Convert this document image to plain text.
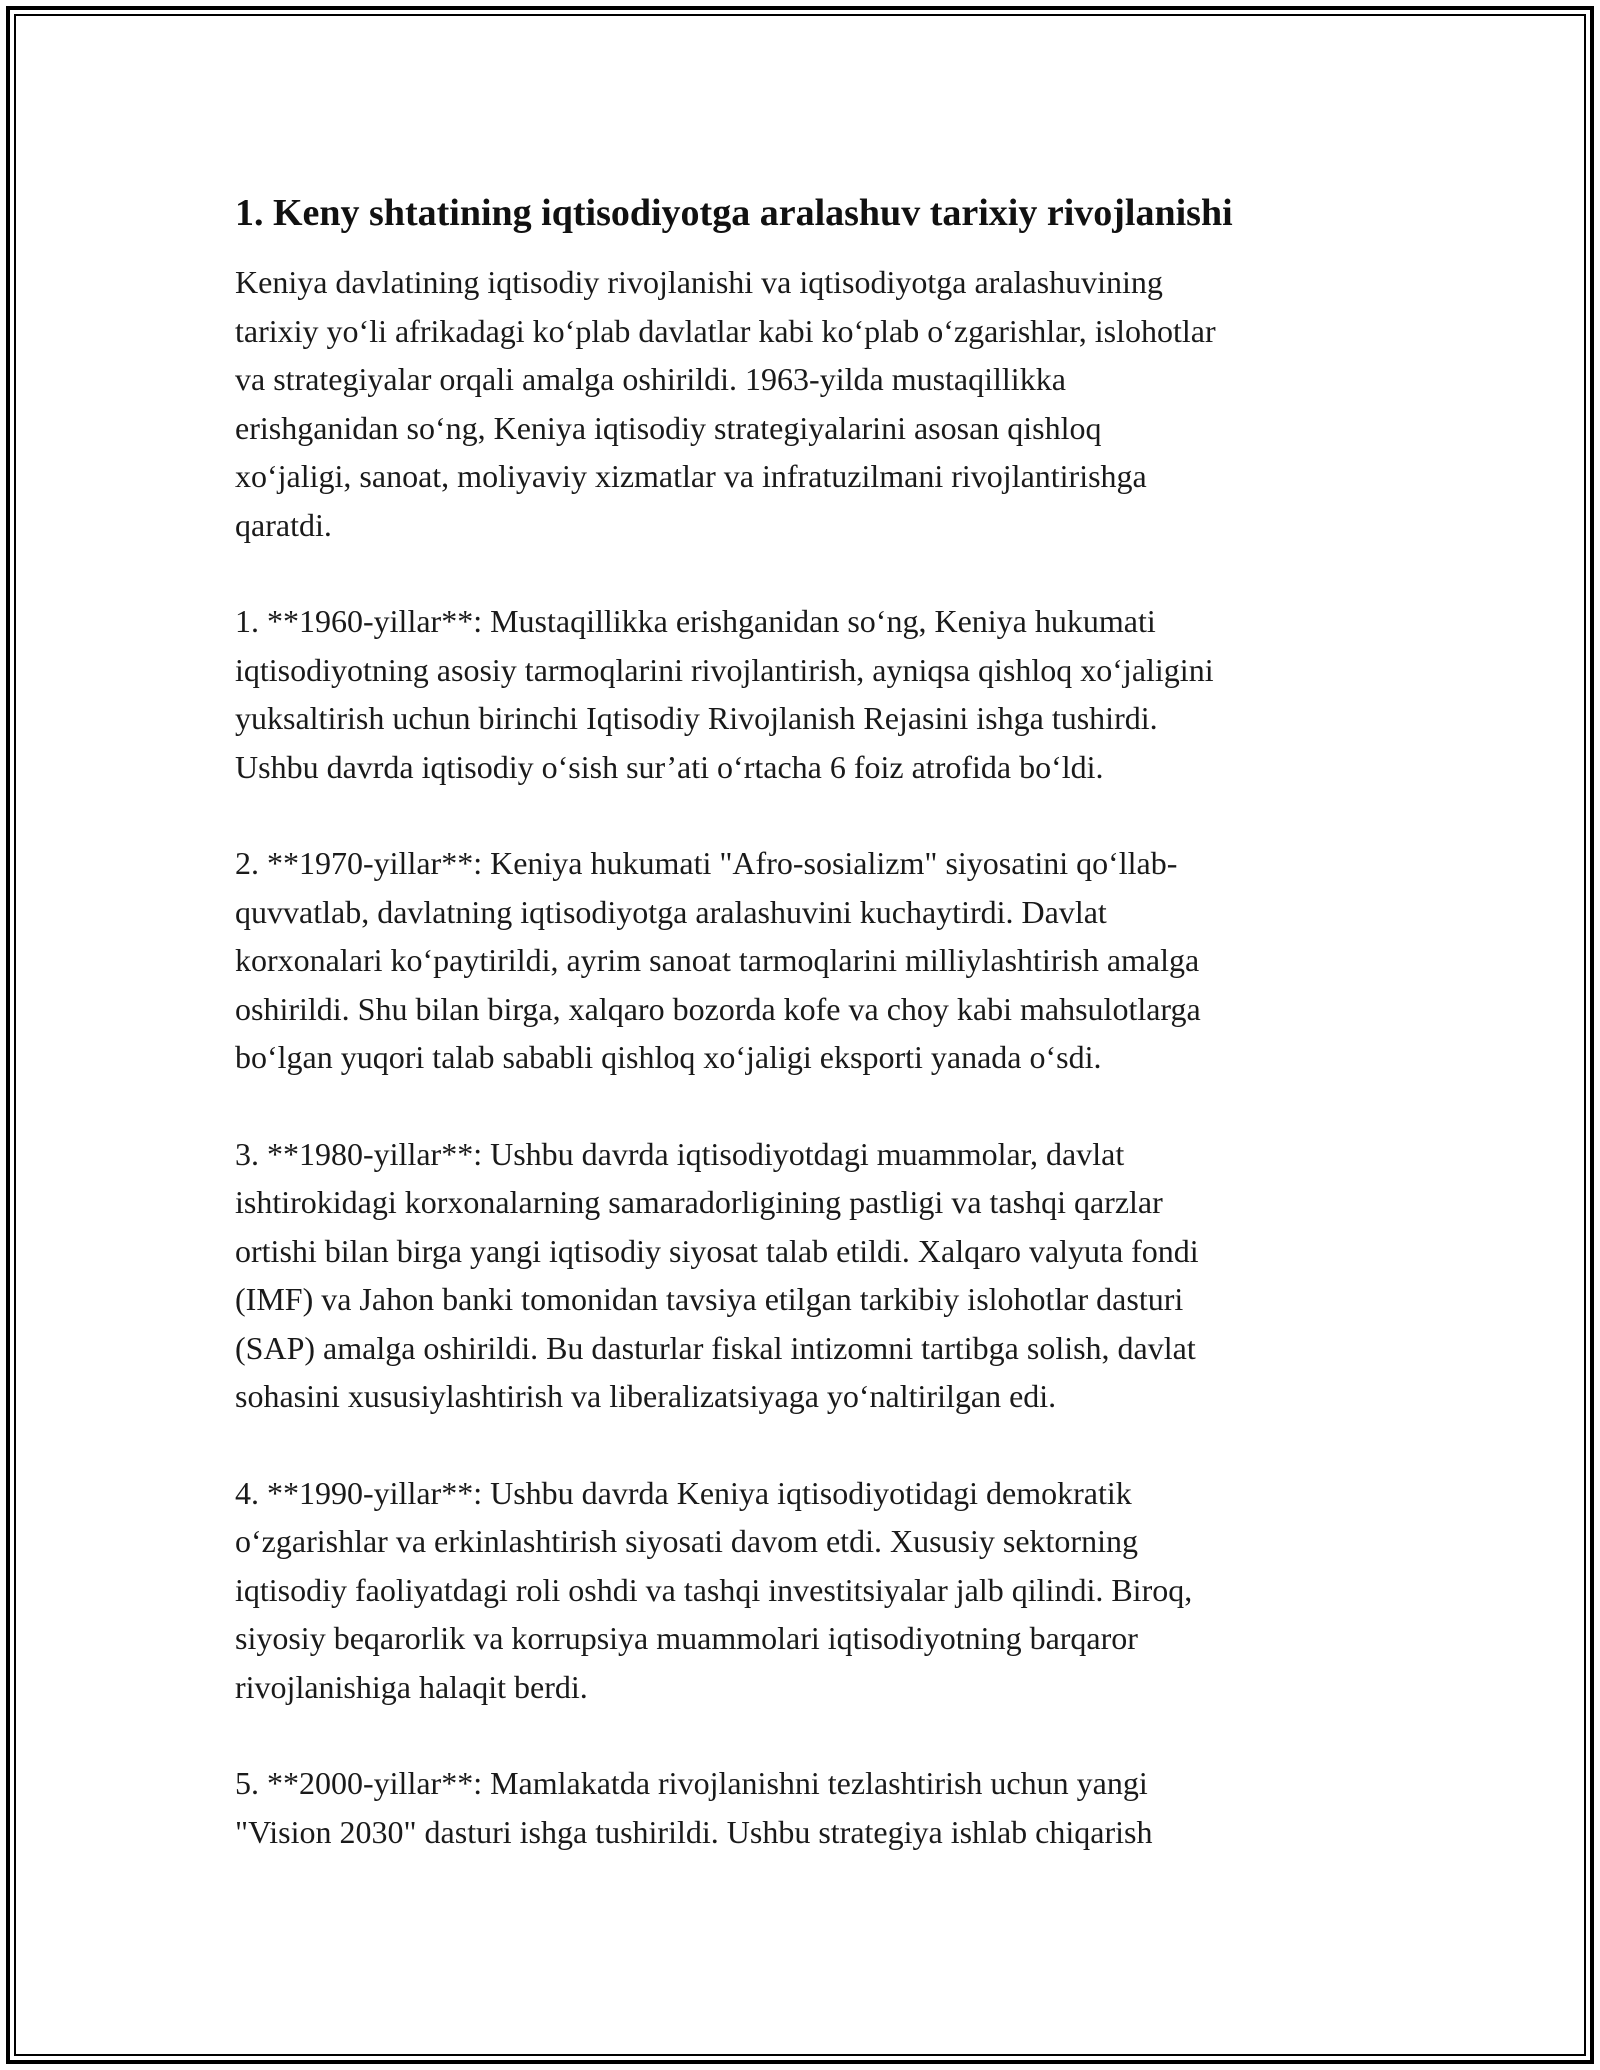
1. Keny shtatining iqtisodiyotga aralashuv tarixiy rivojlanishi

Keniya davlatining iqtisodiy rivojlanishi va iqtisodiyotga aralashuvining
tarixiy yo‘li afrikadagi ko‘plab davlatlar kabi ko‘plab o‘zgarishlar, islohotlar
va strategiyalar orqali amalga oshirildi. 1963-yilda mustaqillikka
erishganidan so‘ng, Keniya iqtisodiy strategiyalarini asosan qishloq
xo‘jaligi, sanoat, moliyaviy xizmatlar va infratuzilmani rivojlantirishga
qaratdi.

1. **1960-yillar**: Mustaqillikka erishganidan so‘ng, Keniya hukumati
iqtisodiyotning asosiy tarmoqlarini rivojlantirish, ayniqsa qishloq xo‘jaligini
yuksaltirish uchun birinchi Iqtisodiy Rivojlanish Rejasini ishga tushirdi.
Ushbu davrda iqtisodiy o‘sish sur’ati o‘rtacha 6 foiz atrofida bo‘ldi.

2. **1970-yillar**: Keniya hukumati "Afro-sosializm" siyosatini qo‘llab-
quvvatlab, davlatning iqtisodiyotga aralashuvini kuchaytirdi. Davlat
korxonalari ko‘paytirildi, ayrim sanoat tarmoqlarini milliylashtirish amalga
oshirildi. Shu bilan birga, xalqaro bozorda kofe va choy kabi mahsulotlarga
bo‘lgan yuqori talab sababli qishloq xo‘jaligi eksporti yanada o‘sdi.

3. **1980-yillar**: Ushbu davrda iqtisodiyotdagi muammolar, davlat
ishtirokidagi korxonalarning samaradorligining pastligi va tashqi qarzlar
ortishi bilan birga yangi iqtisodiy siyosat talab etildi. Xalqaro valyuta fondi
(IMF) va Jahon banki tomonidan tavsiya etilgan tarkibiy islohotlar dasturi
(SAP) amalga oshirildi. Bu dasturlar fiskal intizomni tartibga solish, davlat
sohasini xususiylashtirish va liberalizatsiyaga yo‘naltirilgan edi.

4. **1990-yillar**: Ushbu davrda Keniya iqtisodiyotidagi demokratik
o‘zgarishlar va erkinlashtirish siyosati davom etdi. Xususiy sektorning
iqtisodiy faoliyatdagi roli oshdi va tashqi investitsiyalar jalb qilindi. Biroq,
siyosiy beqarorlik va korrupsiya muammolari iqtisodiyotning barqaror
rivojlanishiga halaqit berdi.

5. **2000-yillar**: Mamlakatda rivojlanishni tezlashtirish uchun yangi
"Vision 2030" dasturi ishga tushirildi. Ushbu strategiya ishlab chiqarish
